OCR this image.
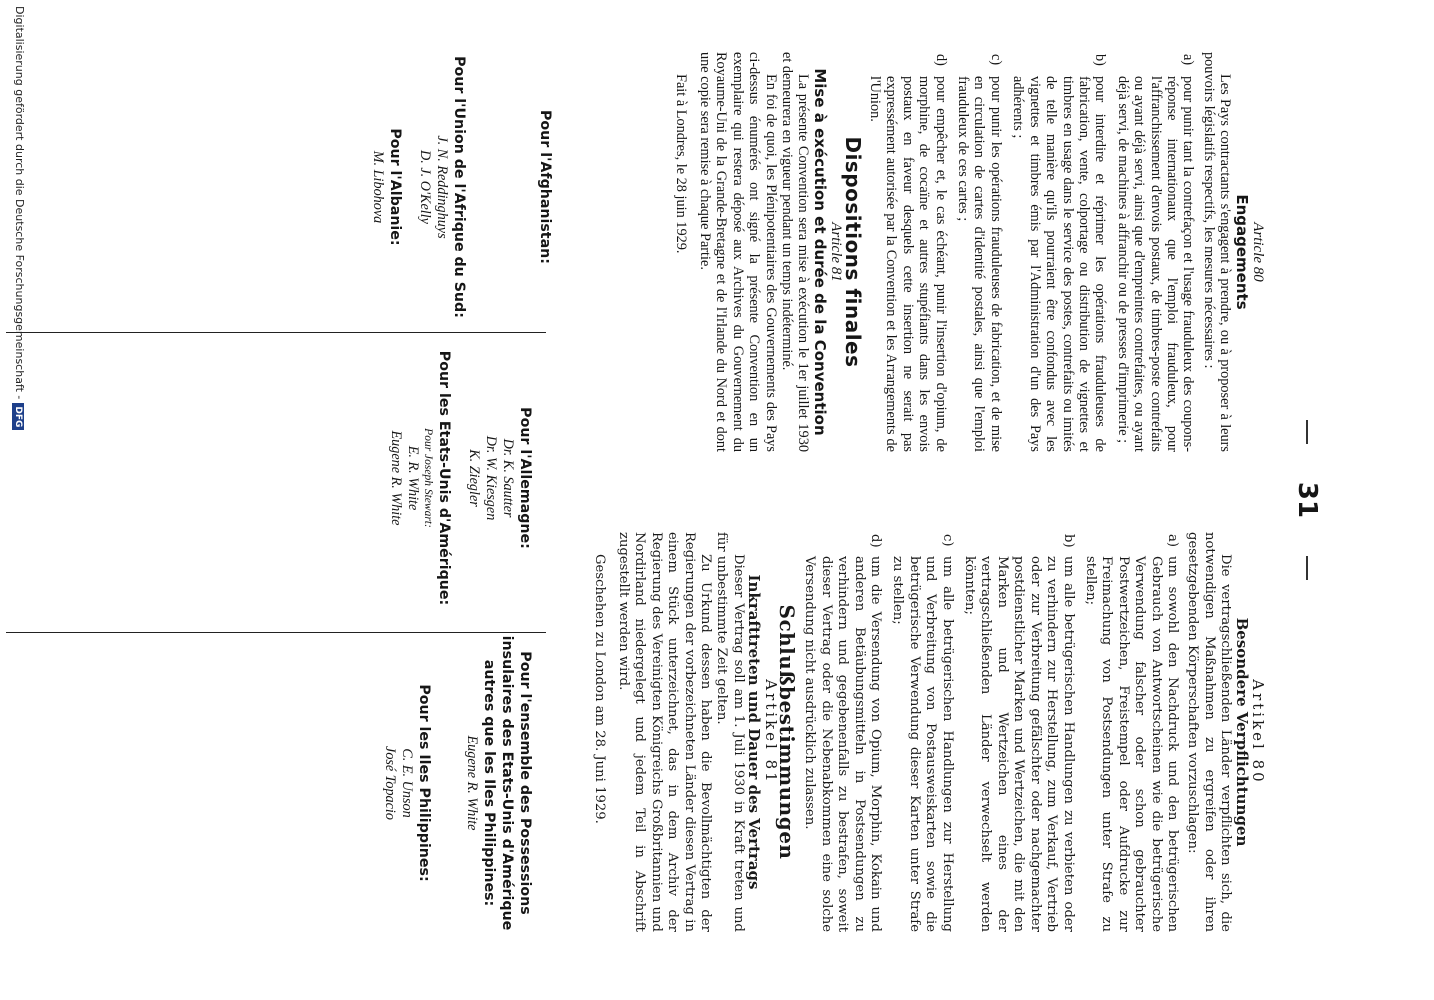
31

Article 80

Engagements

Les Pays contractants s'engagent à prendre, ou à proposer à leurs pouvoirs législatifs respectifs, les mesures nécessaires :

a)
pour punir tant la contrefaçon et l'usage frauduleux des coupons-réponse internationaux que l'emploi frauduleux, pour l'affranchissement d'envois postaux, de timbres-poste contrefaits ou ayant déjà servi, ainsi que d'empreintes contrefaites, ou ayant déjà servi, de machines à affranchir ou de presses d'imprimerie ;
b)
pour interdire et réprimer les opérations frauduleuses de fabrication, vente, colportage ou distribution de vignettes et timbres en usage dans le service des postes, contrefaits ou imités de telle manière qu'ils pourraient être confondus avec les vignettes et timbres émis par l'Administration d'un des Pays adhérents ;
c)
pour punir les opérations frauduleuses de fabrication, et de mise en circulation de cartes d'identité postales, ainsi que l'emploi frauduleux de ces cartes ;
d)
pour empêcher et, le cas échéant, punir l'insertion d'opium, de morphine, de cocaïne et autres stupéfiants dans les envois postaux en faveur desquels cette insertion ne serait pas expressément autorisée par la Convention et les Arrangements de l'Union.

Dispositions finales

Article 81

Mise à exécution et durée de la Convention

La présente Convention sera mise à exécution le 1er juillet 1930 et demeurera en vigueur pendant un temps indéterminé.

En foi de quoi, les Plénipotentiaires des Gouvernements des Pays ci-dessus énumérés ont signé la présente Convention en un exemplaire qui restera déposé aux Archives du Gouvernement du Royaume-Uni de la Grande-Bretagne et de l'Irlande du Nord et dont une copie sera remise à chaque Partie.

Fait à Londres, le 28 juin 1929.

Artikel 80

Besondere Verpflichtungen

Die vertragschließenden Länder verpflichten sich, die notwendigen Maßnahmen zu ergreifen oder ihren gesetzgebenden Körperschaften vorzuschlagen:

a)
um sowohl den Nachdruck und den betrügerischen Gebrauch von Antwortscheinen wie die betrügerische Verwendung falscher oder schon gebrauchter Postwertzeichen, Freistempel oder Aufdrucke zur Freimachung von Postsendungen unter Strafe zu stellen;
b)
um alle betrügerischen Handlungen zu verbieten oder zu verhindern zur Herstellung, zum Verkauf, Vertrieb oder zur Verbreitung gefälschter oder nachgemachter postdienstlicher Marken und Wertzeichen, die mit den Marken und Wertzeichen eines der vertragschließenden Länder verwechselt werden könnten;
c)
um alle betrügerischen Handlungen zur Herstellung und Verbreitung von Postausweiskarten sowie die betrügerische Verwendung dieser Karten unter Strafe zu stellen;
d)
um die Versendung von Opium, Morphin, Kokain und anderen Betäubungsmitteln in Postsendungen zu verhindern und gegebenenfalls zu bestrafen, soweit dieser Vertrag oder die Nebenabkommen eine solche Versendung nicht ausdrücklich zulassen.

Schlußbestimmungen

Artikel 81

Inkrafttreten und Dauer des Vertrags

Dieser Vertrag soll am 1. Juli 1930 in Kraft treten und für unbestimmte Zeit gelten.

Zu Urkund dessen haben die Bevollmächtigten der Regierungen der vorbezeichneten Länder diesen Vertrag in einem Stück unterzeichnet, das in dem Archiv der Regierung des Vereinigten Königreichs Großbritannien und Nordirland niedergelegt und jedem Teil in Abschrift zugestellt werden wird.

Geschehen zu London am 28. Juni 1929.

Pour l'Afghanistan:
Pour l'Union de l'Afrique du Sud:
J. N. Reddinghuys
D. J. O'Kelly
Pour l'Albanie:
M. Libohova
Pour l'Allemagne:
Dr. K. Sautter
Dr. W. Kiesgen
K. Ziegler
Pour les Etats-Unis d'Amérique:
Pour Joseph Stewart:
E. R. White
Eugene R. White
Pour l'ensemble des Possessions insulaires des Etats-Unis d'Amérique autres que les Iles Philippines:
Eugene R. White
Pour les Iles Philippines:
C. E. Unson
José Topacio
Digitalisierung gefördert durch die Deutsche Forschungsgemeinschaft -DFG
